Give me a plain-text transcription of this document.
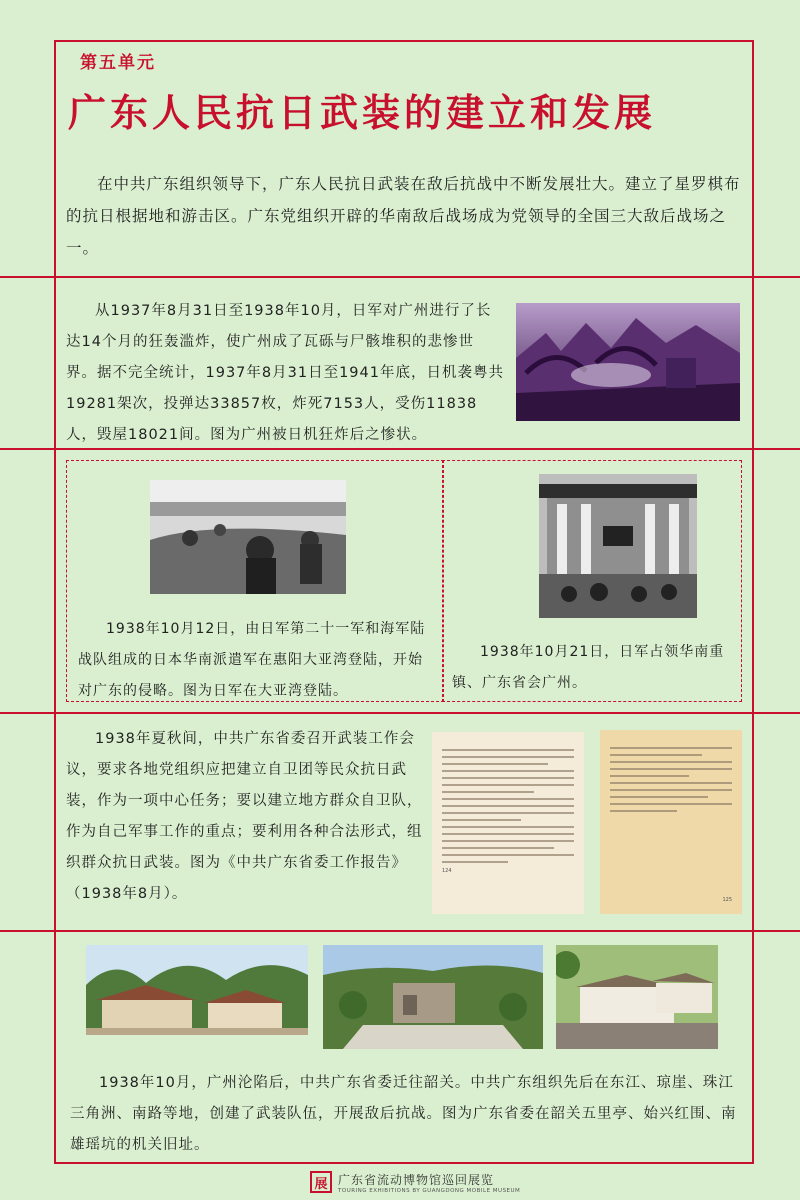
第五单元
广东人民抗日武装的建立和发展
在中共广东组织领导下，广东人民抗日武装在敌后抗战中不断发展壮大。建立了星罗棋布的抗日根据地和游击区。广东党组织开辟的华南敌后战场成为党领导的全国三大敌后战场之一。
从1937年8月31日至1938年10月，日军对广州进行了长达14个月的狂轰滥炸，使广州成了瓦砾与尸骸堆积的悲惨世界。据不完全统计，1937年8月31日至1941年底，日机袭粤共19281架次，投弹达33857枚，炸死7153人，受伤11838人，毁屋18021间。图为广州被日机狂炸后之惨状。
1938年10月12日，由日军第二十一军和海军陆战队组成的日本华南派遣军在惠阳大亚湾登陆，开始对广东的侵略。图为日军在大亚湾登陆。
1938年10月21日，日军占领华南重镇、广东省会广州。
1938年夏秋间，中共广东省委召开武装工作会议，要求各地党组织应把建立自卫团等民众抗日武装，作为一项中心任务；要以建立地方群众自卫队，作为自己军事工作的重点；要利用各种合法形式，组织群众抗日武装。图为《中共广东省委工作报告》（1938年8月）。
124
125
1938年10月，广州沦陷后，中共广东省委迁往韶关。中共广东组织先后在东江、琼崖、珠江三角洲、南路等地，创建了武装队伍，开展敌后抗战。图为广东省委在韶关五里亭、始兴红围、南雄瑶坑的机关旧址。
展 广东省流动博物馆巡回展览
TOURING EXHIBITIONS BY GUANGDONG MOBILE MUSEUM
